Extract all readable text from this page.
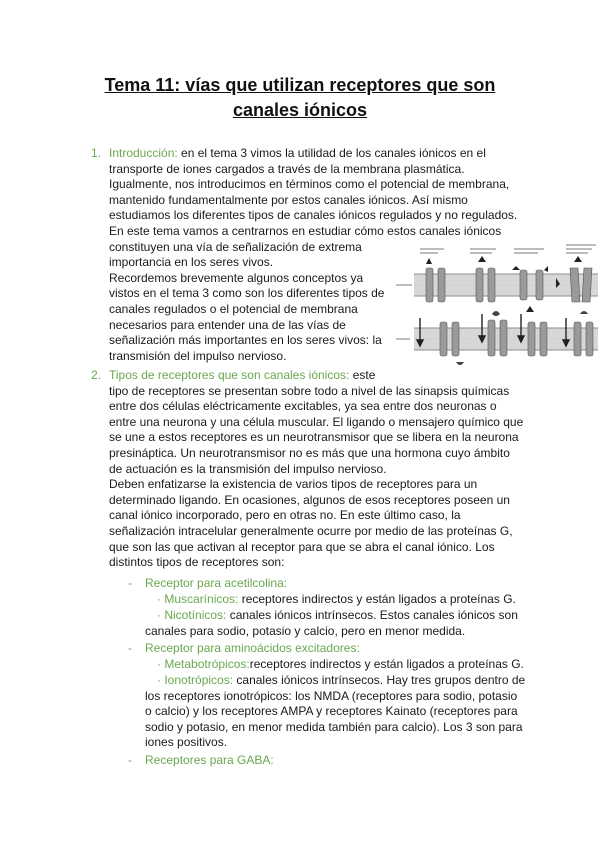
Tema 11: vías que utilizan receptores que son
canales iónicos
1. Introducción: en el tema 3 vimos la utilidad de los canales iónicos en el
transporte de iones cargados a través de la membrana plasmática.
Igualmente, nos introducimos en términos como el potencial de membrana,
mantenido fundamentalmente por estos canales iónicos. Así mismo
estudiamos los diferentes tipos de canales iónicos regulados y no regulados.
En este tema vamos a centrarnos en estudiar cómo estos canales iónicos
constituyen una vía de señalización de extrema
importancia en los seres vivos.
Recordemos brevemente algunos conceptos ya
vistos en el tema 3 como son los diferentes tipos de
canales regulados o el potencial de membrana
necesarios para entender una de las vías de
señalización más importantes en los seres vivos: la
transmisión del impulso nervioso.
2. Tipos de receptores que son canales iónicos: este
tipo de receptores se presentan sobre todo a nivel de las sinapsis químicas
entre dos células eléctricamente excitables, ya sea entre dos neuronas o
entre una neurona y una célula muscular. El ligando o mensajero químico que
se une a estos receptores es un neurotransmisor que se libera en la neurona
presináptica. Un neurotransmisor no es más que una hormona cuyo ámbito
de actuación es la transmisión del impulso nervioso.
Deben enfatizarse la existencia de varios tipos de receptores para un
determinado ligando. En ocasiones, algunos de esos receptores poseen un
canal iónico incorporado, pero en otras no. En este último caso, la
señalización intracelular generalmente ocurre por medio de las proteínas G,
que son las que activan al receptor para que se abra el canal iónico. Los
distintos tipos de receptores son:
- Receptor para acetilcolina:
· Muscarínicos: receptores indirectos y están ligados a proteínas G.
· Nicotínicos: canales iónicos intrínsecos. Estos canales iónicos son
canales para sodio, potasio y calcio, pero en menor medida.
- Receptor para aminoácidos excitadores:
· Metabotrópicos:receptores indirectos y están ligados a proteínas G.
· Ionotrópicos: canales iónicos intrínsecos. Hay tres grupos dentro de
los receptores ionotrópicos: los NMDA (receptores para sodio, potasio
o calcio) y los receptores AMPA y receptores Kainato (receptores para
sodio y potasio, en menor medida también para calcio). Los 3 son para
iones positivos.
- Receptores para GABA:
